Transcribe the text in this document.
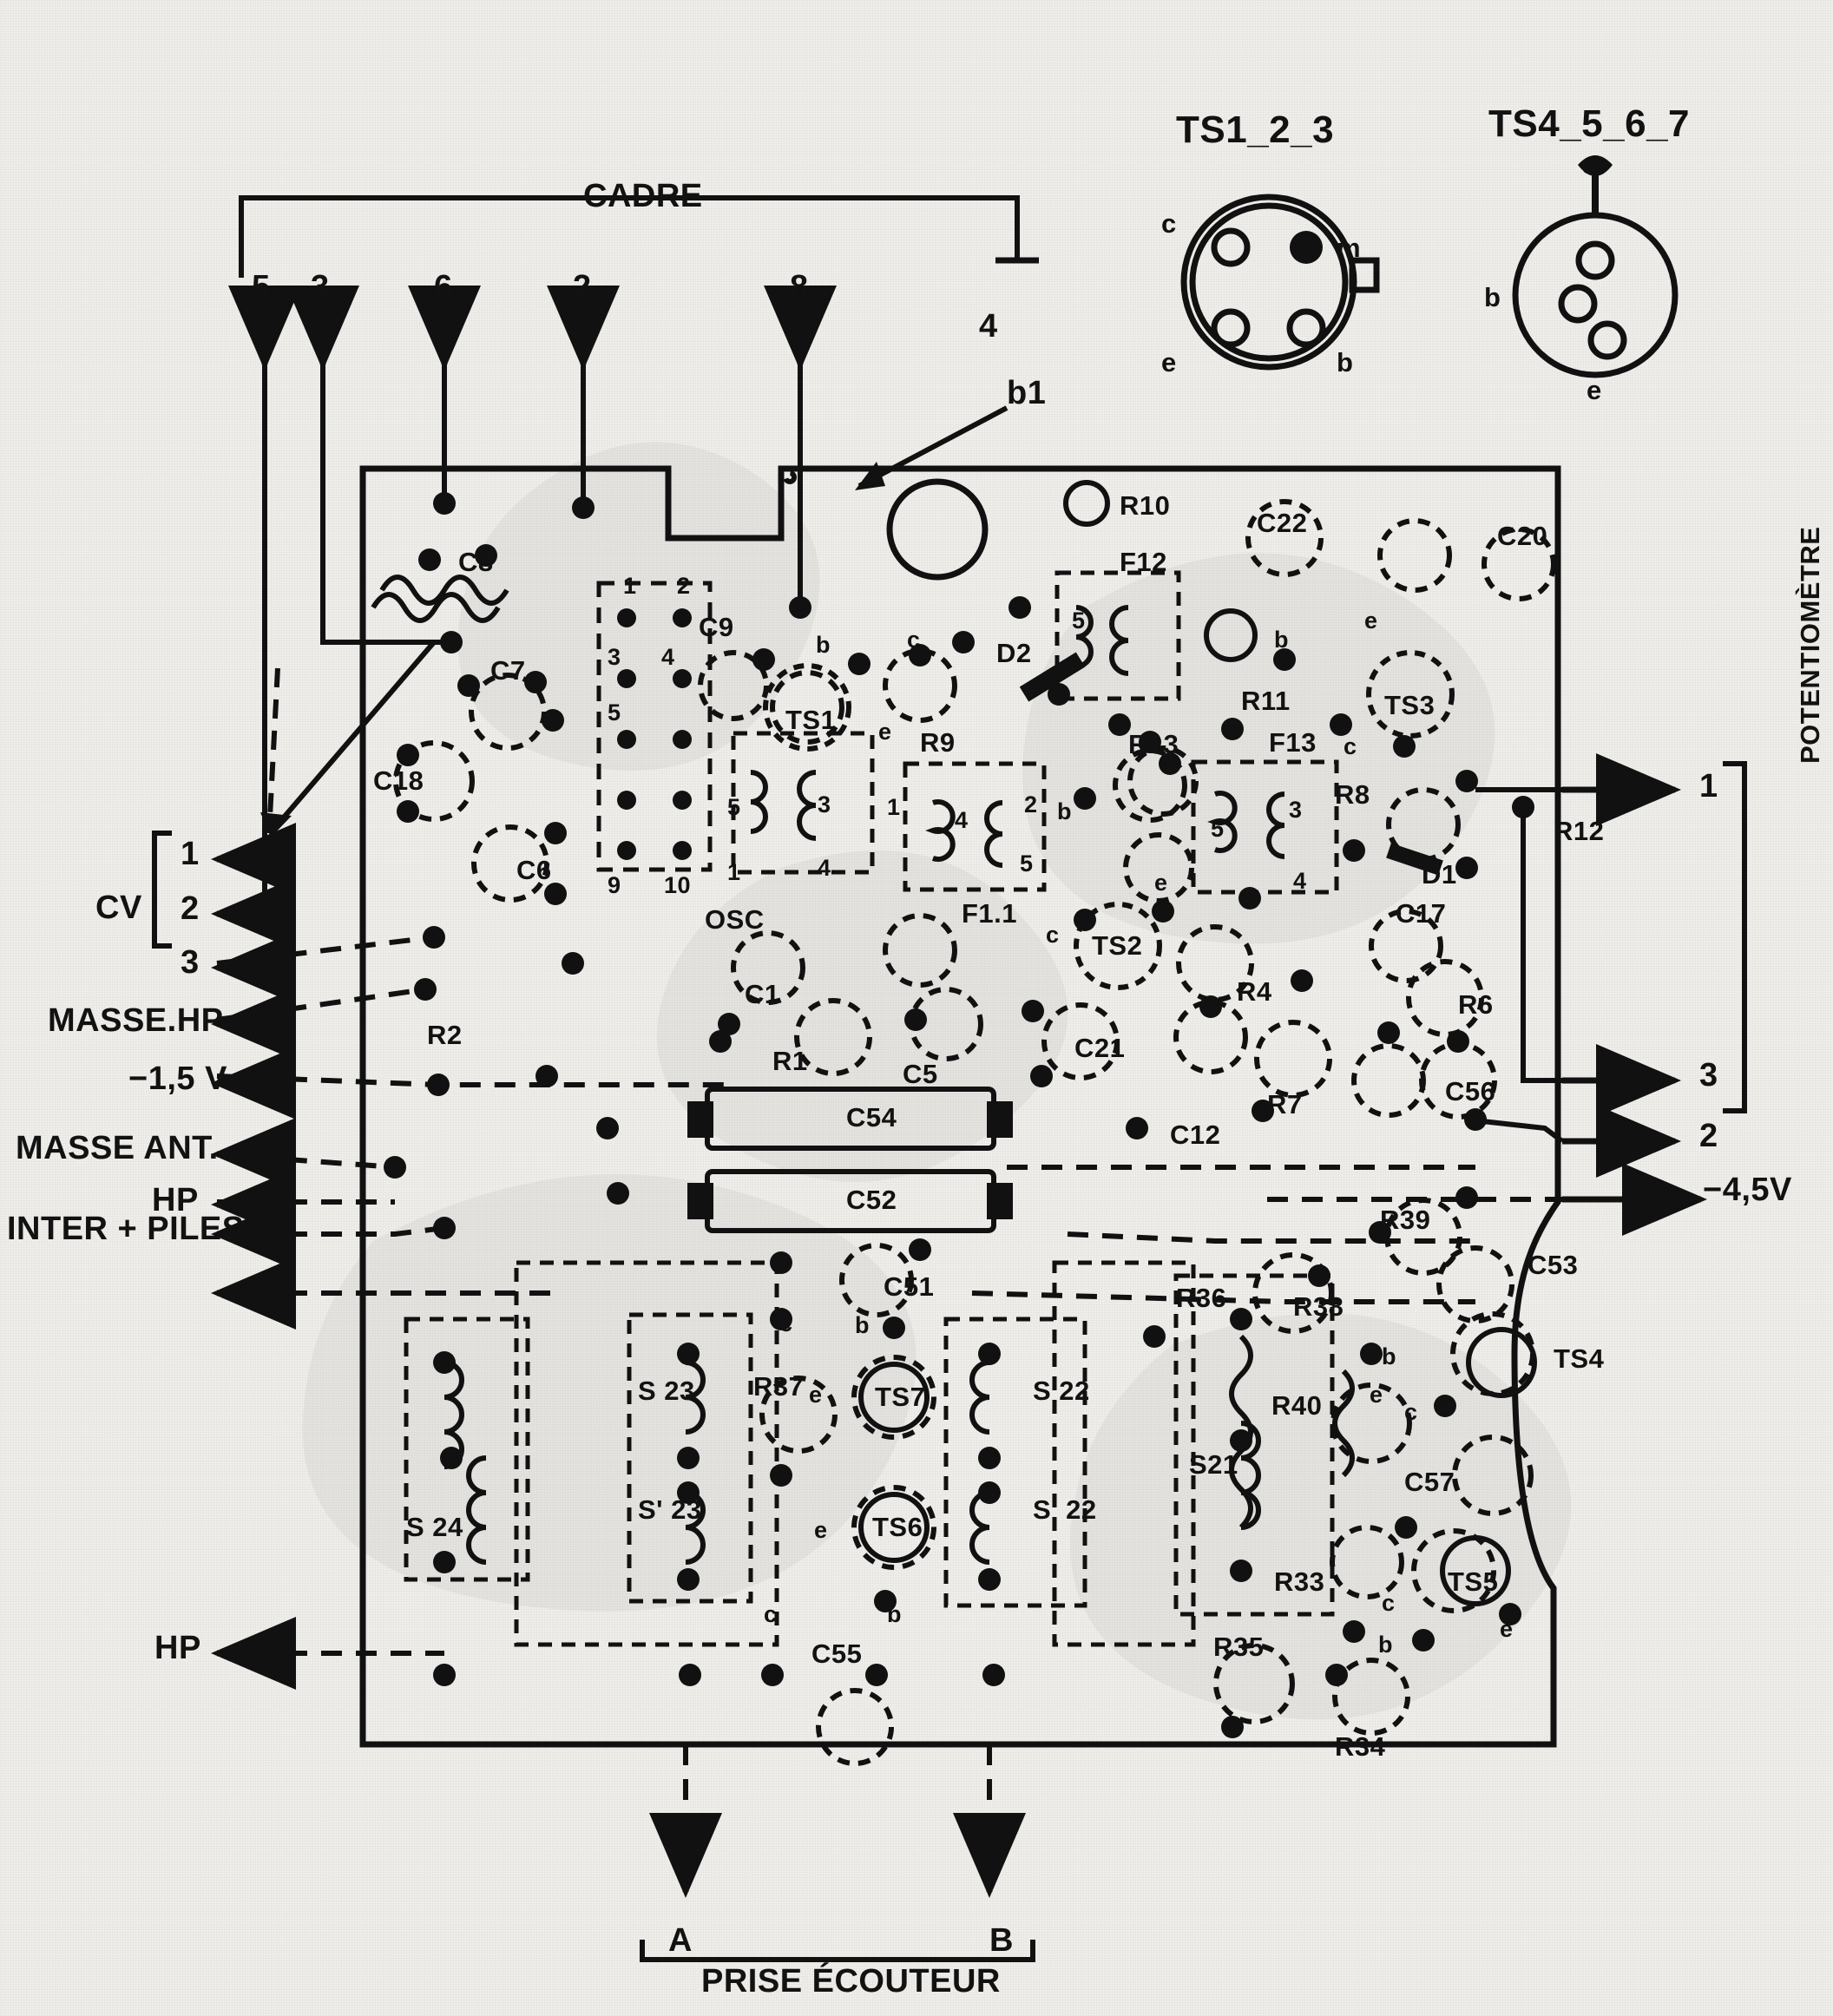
CADRE
TS1_2_3	TS4_5_6_7
5 3	6	2	8
4
c
m
e	b
c
b
e
b1
1
CV 2
3
MASSE.HP
−1,5 V
MASSE ANT.
HP
INTER + PILES
HP
1
3
2
−4,5V
POTENTIOMÈTRE
A	B
PRISE ÉCOUTEUR
C8
C7
C18
C6
C9
C1
C5
C21
C54
C52
C51
C55
C12
C56
C17
C20
C22
C53
C57
R1
R2
R4	R6
R7
R8
R9
R10
R11
R12
R13
R33
R34
R35
R36
R37
R38
R39
R40
D1
D2
F12
F13
F1.1
OSC
TS1
TS2
TS3
TS4
TS5
TS6
TS7
S 24
S 23
S' 23
S 22
S' 22
S21
1 2
3 4
5
9 10
5
1	2
4
5
5
3
4
5	3
4
1
b	c
e
b
e
c
e
b
c
b
e
c
c
b
e
e
c	b
c	b
e
